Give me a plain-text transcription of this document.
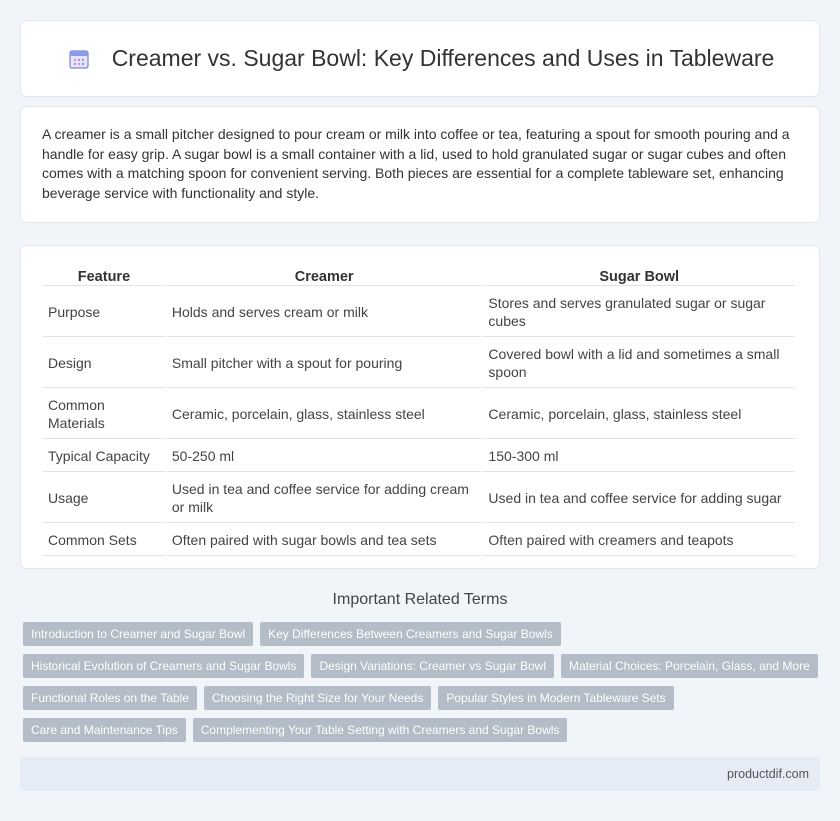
Creamer vs. Sugar Bowl: Key Differences and Uses in Tableware

A creamer is a small pitcher designed to pour cream or milk into coffee or tea, featuring a spout for smooth pouring and a handle for easy grip. A sugar bowl is a small container with a lid, used to hold granulated sugar or sugar cubes and often comes with a matching spoon for convenient serving. Both pieces are essential for a complete tableware set, enhancing beverage service with functionality and style.

Feature	Creamer	Sugar Bowl
Purpose	Holds and serves cream or milk	Stores and serves granulated sugar or sugar cubes
Design	Small pitcher with a spout for pouring	Covered bowl with a lid and sometimes a small spoon
Common Materials	Ceramic, porcelain, glass, stainless steel	Ceramic, porcelain, glass, stainless steel
Typical Capacity	50-250 ml	150-300 ml
Usage	Used in tea and coffee service for adding cream or milk	Used in tea and coffee service for adding sugar
Common Sets	Often paired with sugar bowls and tea sets	Often paired with creamers and teapots
Important Related Terms
Introduction to Creamer and Sugar Bowl	Key Differences Between Creamers and Sugar Bowls
Historical Evolution of Creamers and Sugar Bowls	Design Variations: Creamer vs Sugar Bowl	Material Choices: Porcelain, Glass, and More
Functional Roles on the Table	Choosing the Right Size for Your Needs	Popular Styles in Modern Tableware Sets
Care and Maintenance Tips	Complementing Your Table Setting with Creamers and Sugar Bowls
productdif.com
